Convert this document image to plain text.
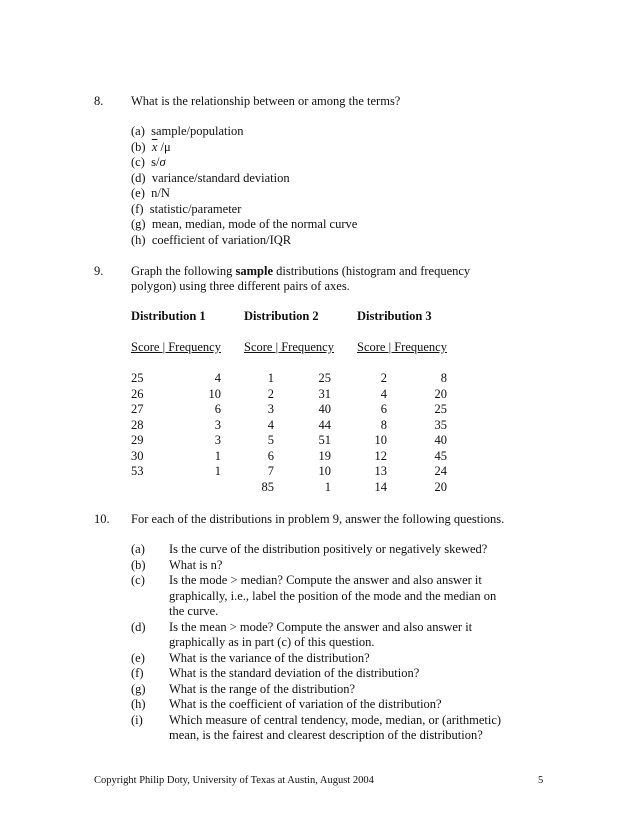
8. What is the relationship between or among the terms?
(a) sample/population
(b) $\overline{x}$ /μ
(c) s/σ
(d) variance/standard deviation
(e) n/N
(f) statistic/parameter
(g) mean, median, mode of the normal curve
(h) coefficient of variation/IQR
9. Graph the following sample distributions (histogram and frequency
polygon) using three different pairs of axes.
Distribution 1	Distribution 2	Distribution 3
Score | Frequency Score | Frequency Score | Frequency
25	4		1	25		2	8
26	10		2	31		4	20
27	6		3	40		6	25
28	3		4	44		8	35
29	3		5	51		10	40
30	1		6	19		12	45
53	1		7	10		13	24
			85	1		14	20
10. For each of the distributions in problem 9, answer the following questions.
(a) Is the curve of the distribution positively or negatively skewed?
(b) What is n?
(c) Is the mode > median? Compute the answer and also answer it
graphically, i.e., label the position of the mode and the median on
the curve.
(d) Is the mean > mode? Compute the answer and also answer it
graphically as in part (c) of this question.
(e) What is the variance of the distribution?
(f) What is the standard deviation of the distribution?
(g) What is the range of the distribution?
(h) What is the coefficient of variation of the distribution?
(i) Which measure of central tendency, mode, median, or (arithmetic)
mean, is the fairest and clearest description of the distribution?
Copyright Philip Doty, University of Texas at Austin, August 2004	5
